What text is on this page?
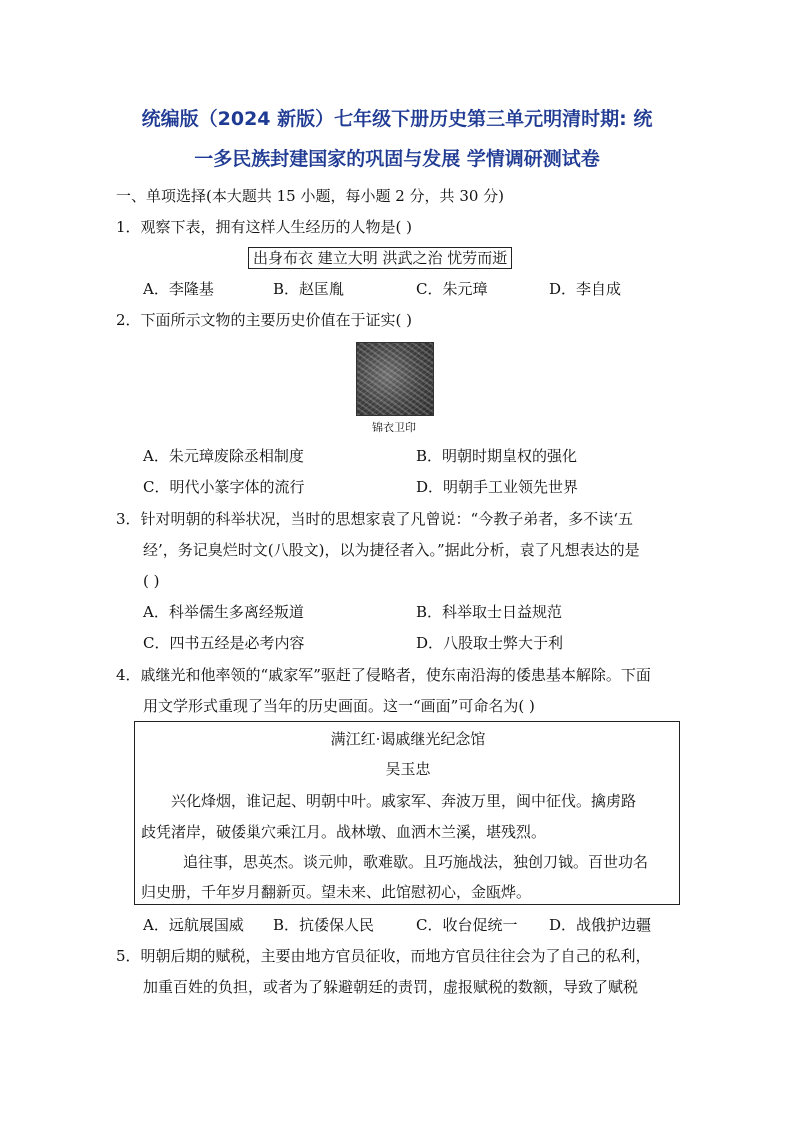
统编版（2024 新版）七年级下册历史第三单元明清时期: 统
一多民族封建国家的巩固与发展 学情调研测试卷
一、单项选择(本大题共 15 小题，每小题 2 分，共 30 分)
1．观察下表，拥有这样人生经历的人物是( )
出身布衣 建立大明 洪武之治 忧劳而逝
A．李隆基	B．赵匡胤	C．朱元璋	D．李自成
2．下面所示文物的主要历史价值在于证实( )
锦衣卫印
A．朱元璋废除丞相制度	B．明朝时期皇权的强化
C．明代小篆字体的流行	D．明朝手工业领先世界
3．针对明朝的科举状况，当时的思想家袁了凡曾说：“今教子弟者，多不读‘五
经’，务记臭烂时文(八股文)，以为捷径者入。”据此分析，袁了凡想表达的是
( )
A．科举儒生多离经叛道	B．科举取士日益规范
C．四书五经是必考内容	D．八股取士弊大于利
4．戚继光和他率领的“戚家军”驱赶了侵略者，使东南沿海的倭患基本解除。下面
用文学形式重现了当年的历史画面。这一“画面”可命名为( )
满江红·谒戚继光纪念馆
吴玉忠
兴化烽烟，谁记起、明朝中叶。戚家军、奔波万里，闽中征伐。擒虏路
歧凭渚岸，破倭巢穴乘江月。战林墩、血洒木兰溪，堪残烈。
追往事，思英杰。谈元帅，歌难歇。且巧施战法，独创刀钺。百世功名
归史册，千年岁月翻新页。望未来、此馆慰初心，金瓯烨。
A．远航展国威 B．抗倭保人民	C．收台促统一 D．战俄护边疆
5．明朝后期的赋税，主要由地方官员征收，而地方官员往往会为了自己的私利，
加重百姓的负担，或者为了躲避朝廷的责罚，虚报赋税的数额，导致了赋税
